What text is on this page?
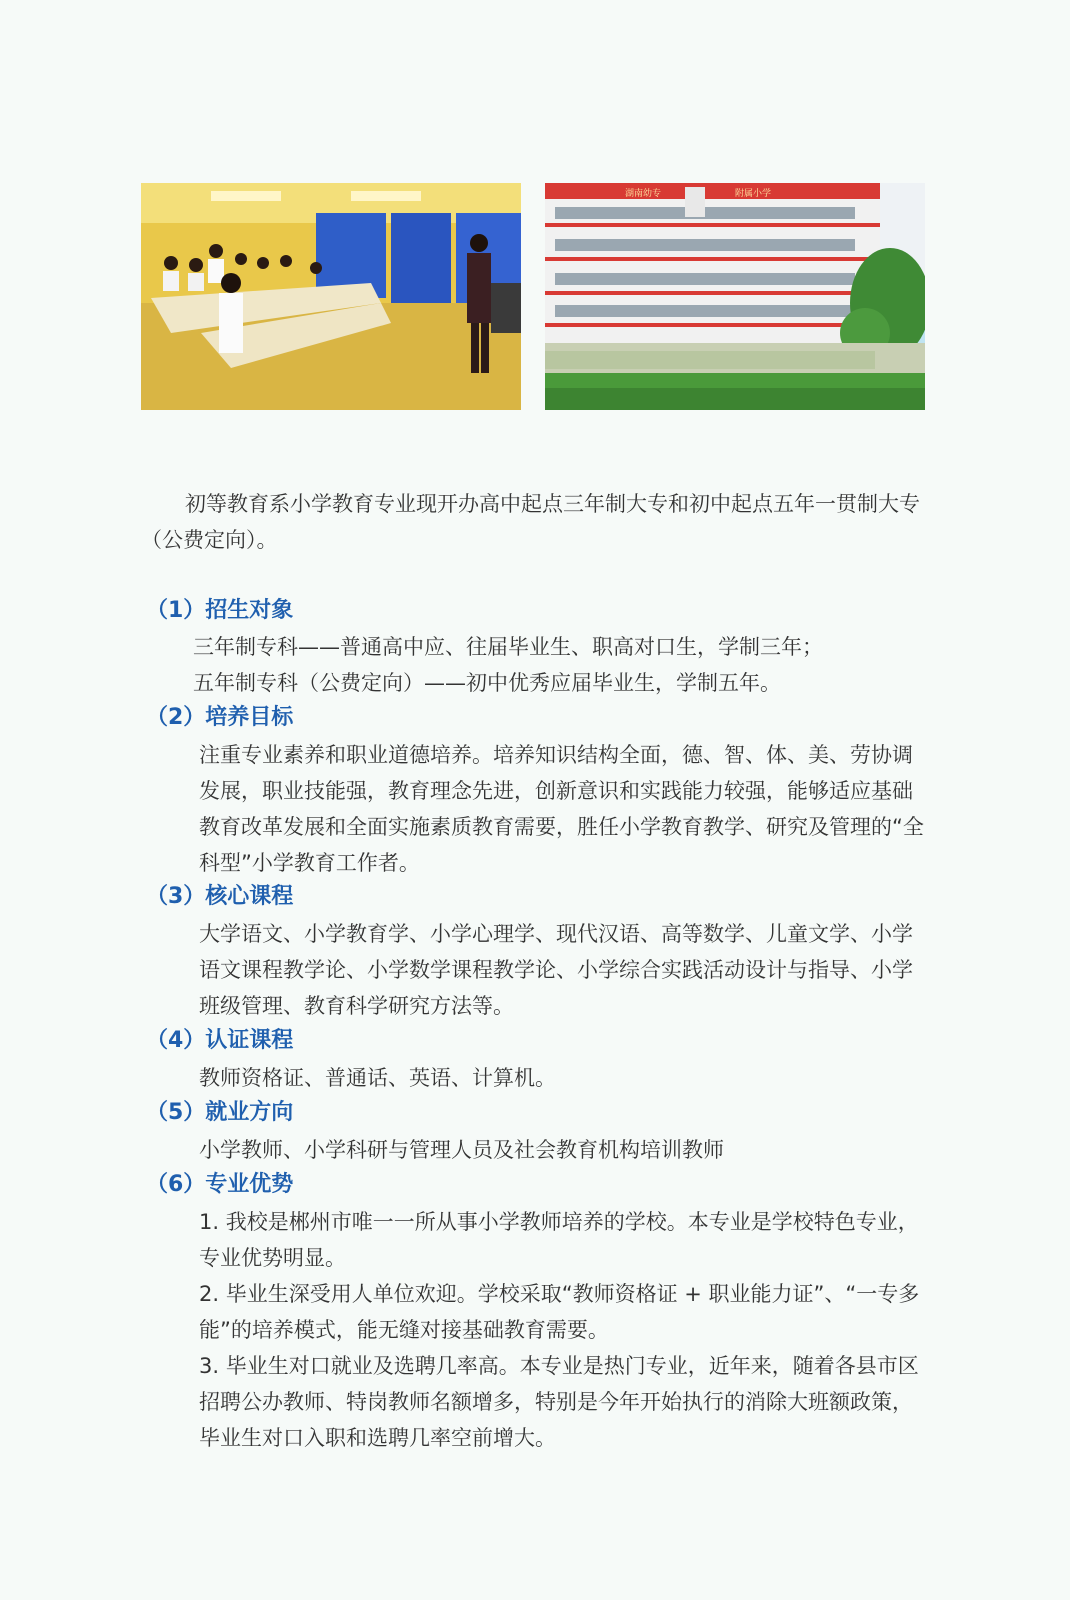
湖南幼专	附属小学

初等教育系小学教育专业现开办高中起点三年制大专和初中起点五年一贯制大专（公费定向）。

（1）招生对象

三年制专科——普通高中应、往届毕业生、职高对口生，学制三年；

五年制专科（公费定向）——初中优秀应届毕业生，学制五年。

（2）培养目标

注重专业素养和职业道德培养。培养知识结构全面，德、智、体、美、劳协调发展，职业技能强，教育理念先进，创新意识和实践能力较强，能够适应基础教育改革发展和全面实施素质教育需要，胜任小学教育教学、研究及管理的“全科型”小学教育工作者。

（3）核心课程

大学语文、小学教育学、小学心理学、现代汉语、高等数学、儿童文学、小学语文课程教学论、小学数学课程教学论、小学综合实践活动设计与指导、小学班级管理、教育科学研究方法等。

（4）认证课程

教师资格证、普通话、英语、计算机。

（5）就业方向

小学教师、小学科研与管理人员及社会教育机构培训教师

（6）专业优势

1. 我校是郴州市唯一一所从事小学教师培养的学校。本专业是学校特色专业，专业优势明显。

2. 毕业生深受用人单位欢迎。学校采取“教师资格证 + 职业能力证”、“一专多能”的培养模式，能无缝对接基础教育需要。

3. 毕业生对口就业及选聘几率高。本专业是热门专业，近年来，随着各县市区招聘公办教师、特岗教师名额增多，特别是今年开始执行的消除大班额政策，毕业生对口入职和选聘几率空前增大。
